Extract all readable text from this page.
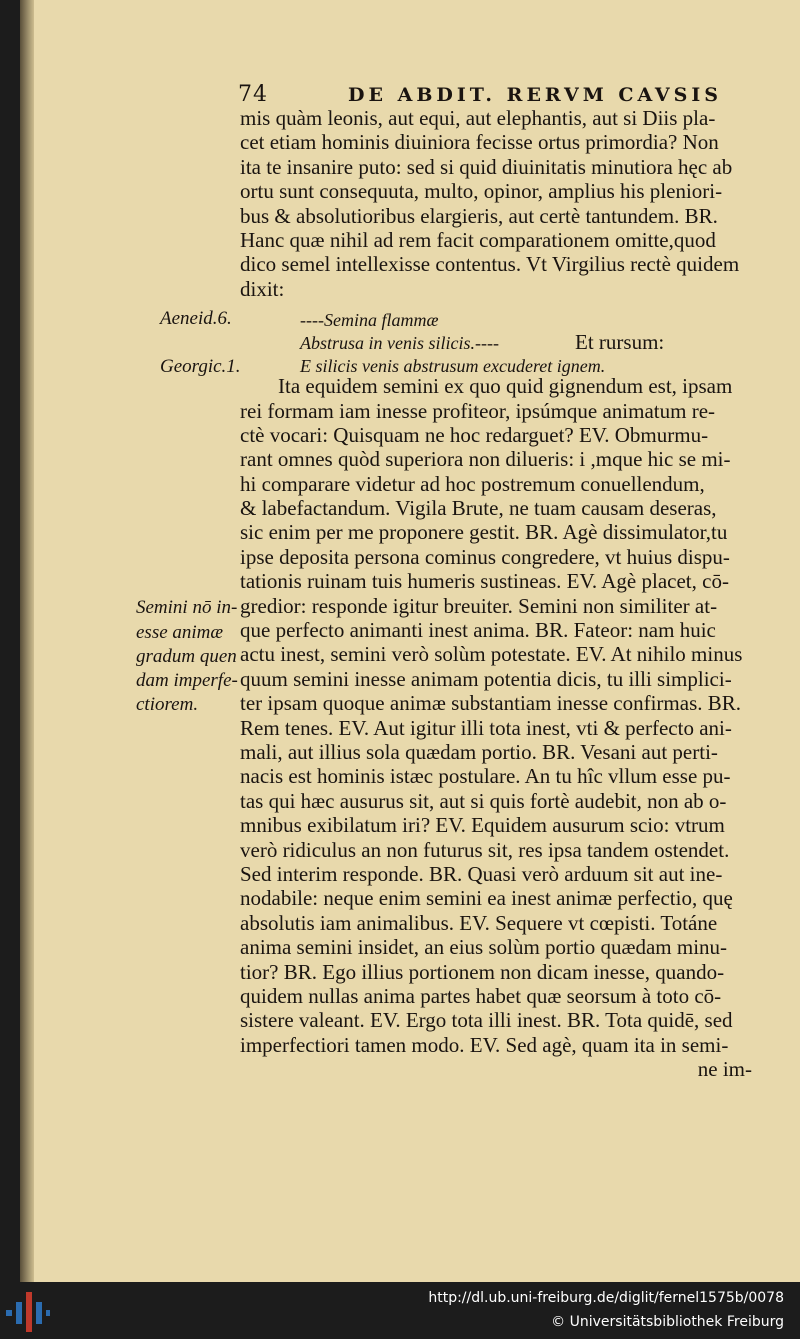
74	DE ABDIT. RERVM CAVSIS
mis quàm leonis, aut equi, aut elephantis, aut si Diis pla-
cet etiam hominis diuiniora fecisse ortus primordia? Non
ita te insanire puto: sed si quid diuinitatis minutiora hęc ab
ortu sunt consequuta, multo, opinor, amplius his pleniori-
bus & absolutioribus elargieris, aut certè tantundem. BR.
Hanc quæ nihil ad rem facit comparationem omitte,quod
dico semel intellexisse contentus. Vt Virgilius rectè quidem
dixit:
Ita equidem semini ex quo quid gignendum est, ipsam
rei formam iam inesse profiteor, ipsúmque animatum re-
ctè vocari: Quisquam ne hoc redarguet? EV. Obmurmu-
rant omnes quòd superiora non dilueris: i ,mque hic se mi-
hi comparare videtur ad hoc postremum conuellendum,
& labefactandum. Vigila Brute, ne tuam causam deseras,
sic enim per me proponere gestit. BR. Agè dissimulator,tu
ipse deposita persona cominus congredere, vt huius dispu-
tationis ruinam tuis humeris sustineas. EV. Agè placet, cō-
gredior: responde igitur breuiter. Semini non similiter at-
que perfecto animanti inest anima. BR. Fateor: nam huic
actu inest, semini verò solùm potestate. EV. At nihilo minus
quum semini inesse animam potentia dicis, tu illi simplici-
ter ipsam quoque animæ substantiam inesse confirmas. BR.
Rem tenes. EV. Aut igitur illi tota inest, vti & perfecto ani-
mali, aut illius sola quædam portio. BR. Vesani aut perti-
nacis est hominis istæc postulare. An tu hîc vllum esse pu-
tas qui hæc ausurus sit, aut si quis fortè audebit, non ab o-
mnibus exibilatum iri? EV. Equidem ausurum scio: vtrum
verò ridiculus an non futurus sit, res ipsa tandem ostendet.
Sed interim responde. BR. Quasi verò arduum sit aut ine-
nodabile: neque enim semini ea inest animæ perfectio, quę
absolutis iam animalibus. EV. Sequere vt cœpisti. Totáne
anima semini insidet, an eius solùm portio quædam minu-
tior? BR. Ego illius portionem non dicam inesse, quando-
quidem nullas anima partes habet quæ seorsum à toto cō-
sistere valeant. EV. Ergo tota illi inest. BR. Tota quidē, sed
imperfectiori tamen modo. EV. Sed agè, quam ita in semi-
ne im-
----Semina flammæ
Abstrusa in venis silicis.----	Et rursum:
E silicis venis abstrusum excuderet ignem.
Aeneid.6.
Georgic.1.
Semini nō in-
esse animæ
gradum quen
dam imperfe-
ctiorem.
http://dl.ub.uni-freiburg.de/diglit/fernel1575b/0078
© Universitätsbibliothek Freiburg
